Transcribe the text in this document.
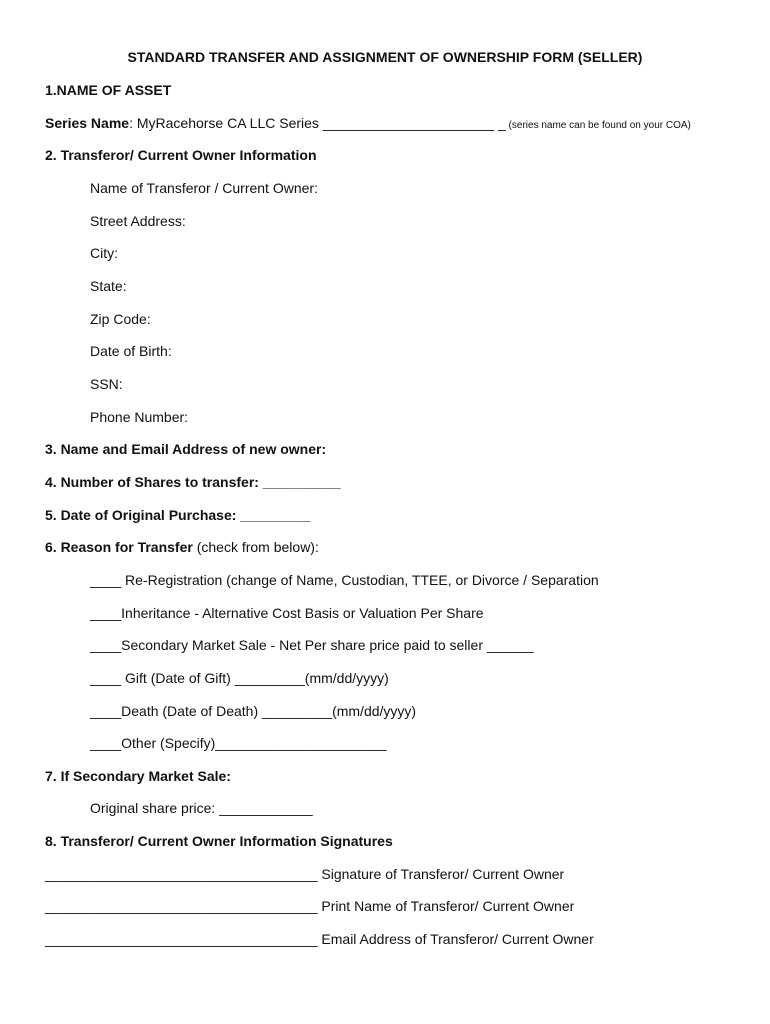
STANDARD TRANSFER AND ASSIGNMENT OF OWNERSHIP FORM (SELLER)
1.NAME OF ASSET
Series Name: MyRacehorse CA LLC Series ______________________ _ (series name can be found on your COA)
2. Transferor/ Current Owner Information
Name of Transferor / Current Owner:
Street Address:
City:
State:
Zip Code:
Date of Birth:
SSN:
Phone Number:
3. Name and Email Address of new owner:
4. Number of Shares to transfer: __________
5. Date of Original Purchase: _________
6. Reason for Transfer (check from below):
____ Re-Registration (change of Name, Custodian, TTEE, or Divorce / Separation
____Inheritance - Alternative Cost Basis or Valuation Per Share
____Secondary Market Sale - Net Per share price paid to seller ______
____ Gift (Date of Gift) _________(mm/dd/yyyy)
____Death (Date of Death) _________(mm/dd/yyyy)
____Other (Specify)______________________
7. If Secondary Market Sale:
Original share price: ____________
8. Transferor/ Current Owner Information Signatures
___________________________________ Signature of Transferor/ Current Owner
___________________________________ Print Name of Transferor/ Current Owner
___________________________________ Email Address of Transferor/ Current Owner
